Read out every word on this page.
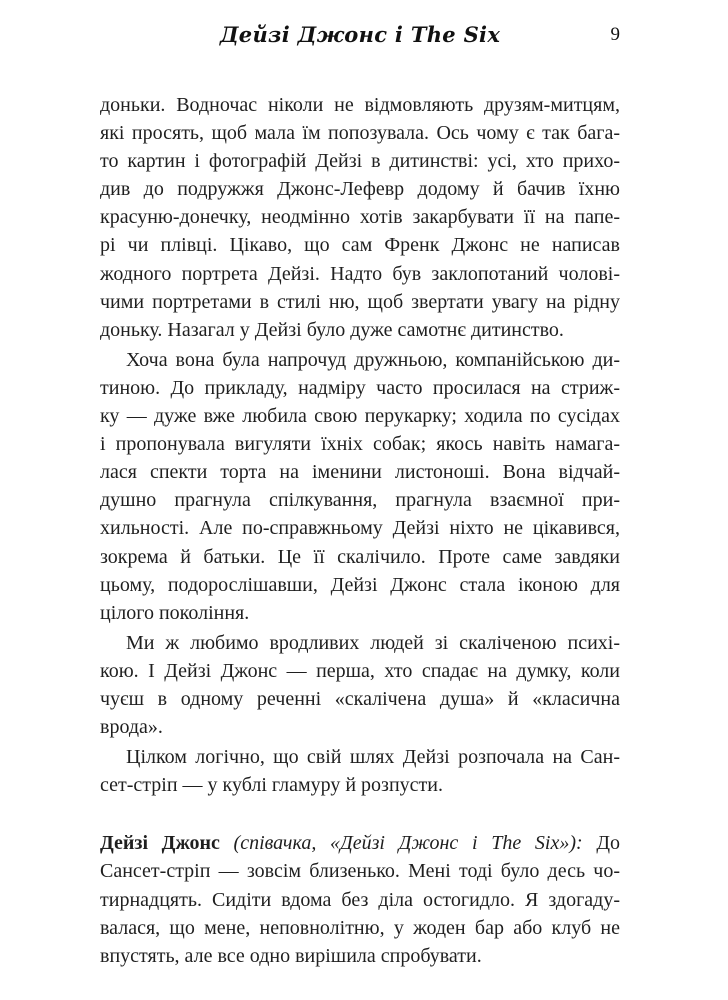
Дейзі Джонс і The Six	9
доньки. Водночас ніколи не відмовляють друзям-митцям,
які просять, щоб мала їм попозувала. Ось чому є так бага-
то картин і фотографій Дейзі в дитинстві: усі, хто прихо-
див до подружжя Джонс-Лефевр додому й бачив їхню
красуню-донечку, неодмінно хотів закарбувати її на папе-
рі чи плівці. Цікаво, що сам Френк Джонс не написав
жодного портрета Дейзі. Надто був заклопотаний чолові-
чими портретами в стилі ню, щоб звертати увагу на рідну
доньку. Назагал у Дейзі було дуже самотнє дитинство.
Хоча вона була напрочуд дружньою, компанійською ди-
тиною. До прикладу, надміру часто просилася на стриж-
ку — дуже вже любила свою перукарку; ходила по сусідах
і пропонувала вигуляти їхніх собак; якось навіть намага-
лася спекти торта на іменини листоноші. Вона відчай-
душно прагнула спілкування, прагнула взаємної при-
хильності. Але по-справжньому Дейзі ніхто не цікавився,
зокрема й батьки. Це її скалічило. Проте саме завдяки
цьому, подорослішавши, Дейзі Джонс стала іконою для
цілого покоління.
Ми ж любимо вродливих людей зі скаліченою психі-
кою. І Дейзі Джонс — перша, хто спадає на думку, коли
чуєш в одному реченні «скалічена душа» й «класична
врода».
Цілком логічно, що свій шлях Дейзі розпочала на Сан-
сет-стріп — у кублі гламуру й розпусти.
Дейзі Джонс (співачка, «Дейзі Джонс і The Six»): До
Сансет-стріп — зовсім близенько. Мені тоді було десь чо-
тирнадцять. Сидіти вдома без діла остогидло. Я здогаду-
валася, що мене, неповнолітню, у жоден бар або клуб не
впустять, але все одно вирішила спробувати.
